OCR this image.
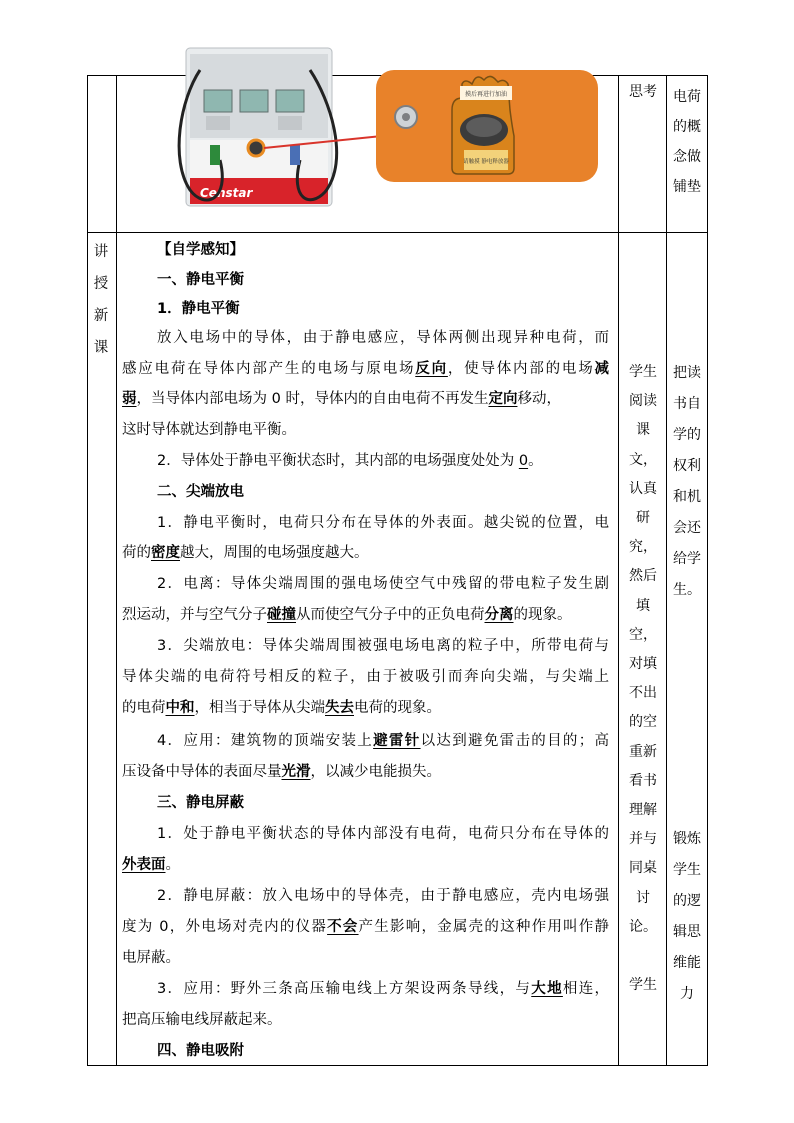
Censtar
摸后再进行加油
请触摸 静电释放器
思考	电荷
的概
念做
铺垫
讲
授
新
课
【自学感知】
一、静电平衡
1．静电平衡
放入电场中的导体，由于静电感应，导体两侧出现异种电荷，而
感应电荷在导体内部产生的电场与原电场反向，使导体内部的电场减
弱，当导体内部电场为 0 时，导体内的自由电荷不再发生定向移动，
这时导体就达到静电平衡。
2．导体处于静电平衡状态时，其内部的电场强度处处为 0。
二、尖端放电
1．静电平衡时，电荷只分布在导体的外表面。越尖锐的位置，电
荷的密度越大，周围的电场强度越大。
2．电离：导体尖端周围的强电场使空气中残留的带电粒子发生剧
烈运动，并与空气分子碰撞从而使空气分子中的正负电荷分离的现象。
3．尖端放电：导体尖端周围被强电场电离的粒子中，所带电荷与
导体尖端的电荷符号相反的粒子，由于被吸引而奔向尖端，与尖端上
的电荷中和，相当于导体从尖端失去电荷的现象。
4．应用：建筑物的顶端安装上避雷针以达到避免雷击的目的；高
压设备中导体的表面尽量光滑，以减少电能损失。
三、静电屏蔽
1．处于静电平衡状态的导体内部没有电荷，电荷只分布在导体的
外表面。
2．静电屏蔽：放入电场中的导体壳，由于静电感应，壳内电场强
度为 0，外电场对壳内的仪器不会产生影响，金属壳的这种作用叫作静
电屏蔽。
3．应用：野外三条高压输电线上方架设两条导线，与大地相连，
把高压输电线屏蔽起来。
四、静电吸附
学生
阅读
课
文，
认真
研
究，
然后
填
空，
对填
不出
的空
重新
看书
理解
并与
同桌
讨
论。
学生
把读
书自
学的
权利
和机
会还
给学
生。
锻炼
学生
的逻
辑思
维能
力
